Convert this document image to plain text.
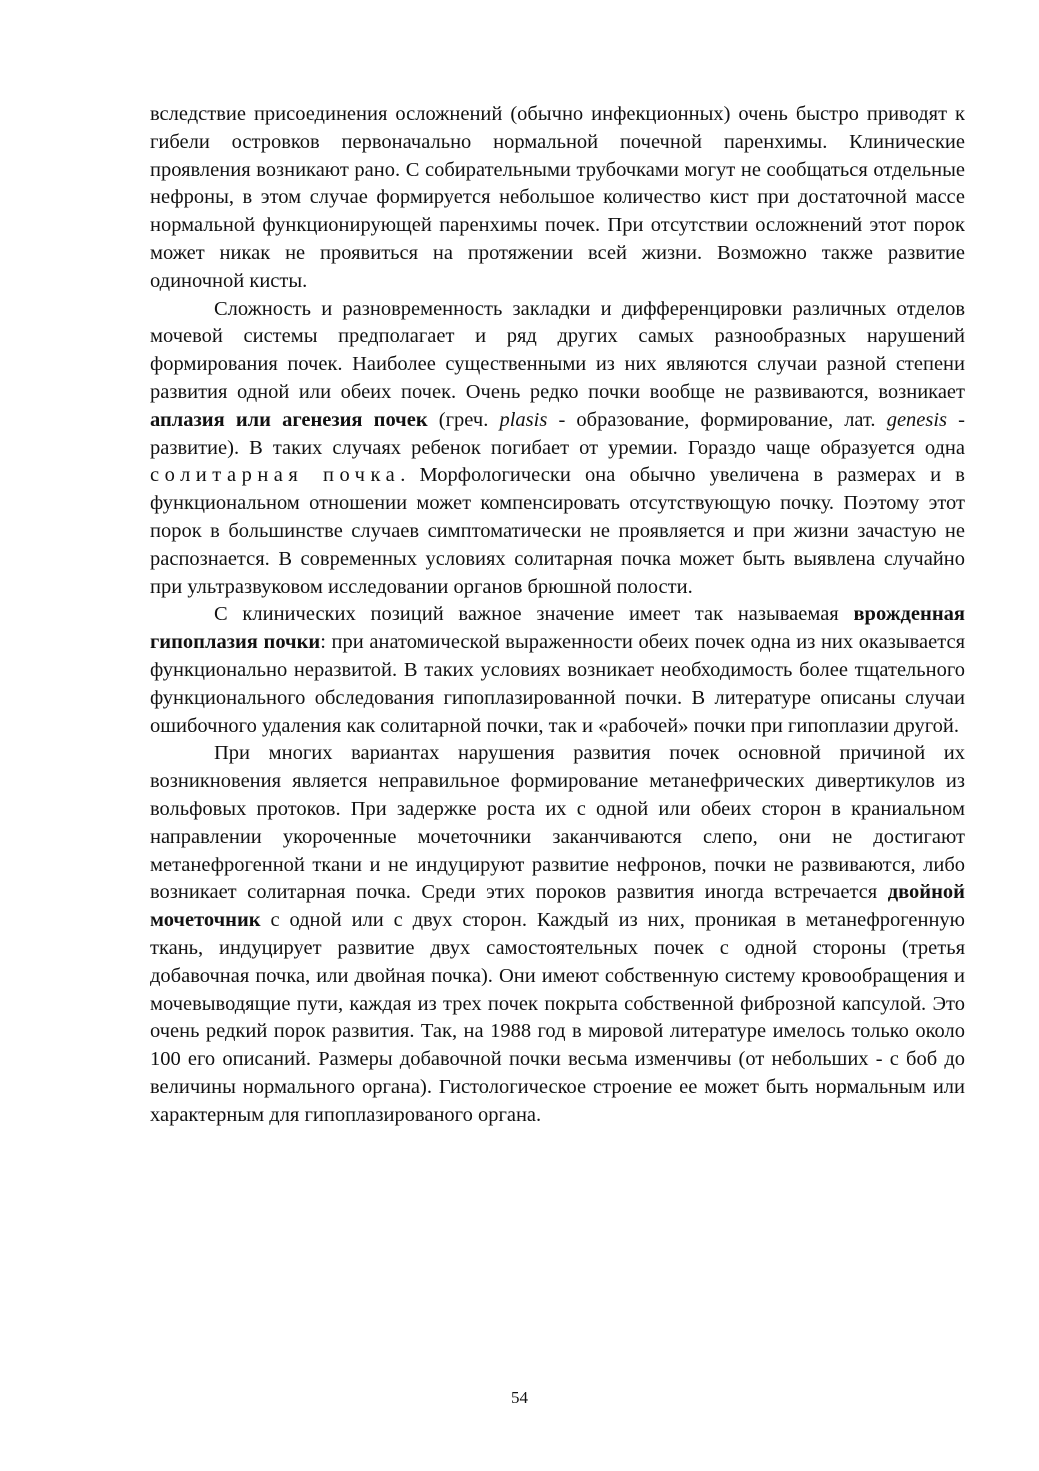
вследствие присоединения осложнений (обычно инфекционных) очень быстро приводят к гибели островков первоначально нормальной почечной паренхимы. Клинические проявления возникают рано. С собирательными трубочками могут не сообщаться отдельные нефроны, в этом случае формируется небольшое количество кист при достаточной массе нормальной функционирующей паренхимы почек. При отсутствии осложнений этот порок может никак не проявиться на протяжении всей жизни. Возможно также развитие одиночной кисты.

Сложность и разновременность закладки и дифференцировки различных отделов мочевой системы предполагает и ряд других самых разнообразных нарушений формирования почек. Наиболее существенными из них являются случаи разной степени развития одной или обеих почек. Очень редко почки вообще не развиваются, возникает аплазия или агенезия почек (греч. plasis - образование, формирование, лат. genesis - развитие). В таких случаях ребенок погибает от уремии. Гораздо чаще образуется одна солитарная почка. Морфологически она обычно увеличена в размерах и в функциональном отношении может компенсировать отсутствующую почку. Поэтому этот порок в большинстве случаев симптоматически не проявляется и при жизни зачастую не распознается. В современных условиях солитарная почка может быть выявлена случайно при ультразвуковом исследовании органов брюшной полости.

С клинических позиций важное значение имеет так называемая врожденная гипоплазия почки: при анатомической выраженности обеих почек одна из них оказывается функционально неразвитой. В таких условиях возникает необходимость более тщательного функционального обследования гипоплазированной почки. В литературе описаны случаи ошибочного удаления как солитарной почки, так и «рабочей» почки при гипоплазии другой.

При многих вариантах нарушения развития почек основной причиной их возникновения является неправильное формирование метанефрических дивертикулов из вольфовых протоков. При задержке роста их с одной или обеих сторон в краниальном направлении укороченные мочеточники заканчиваются слепо, они не достигают метанефрогенной ткани и не индуцируют развитие нефронов, почки не развиваются, либо возникает солитарная почка. Среди этих пороков развития иногда встречается двойной мочеточник с одной или с двух сторон. Каждый из них, проникая в метанефрогенную ткань, индуцирует развитие двух самостоятельных почек с одной стороны (третья добавочная почка, или двойная почка). Они имеют собственную систему кровообращения и мочевыводящие пути, каждая из трех почек покрыта собственной фиброзной капсулой. Это очень редкий порок развития. Так, на 1988 год в мировой литературе имелось только около 100 его описаний. Размеры добавочной почки весьма изменчивы (от небольших - с боб до величины нормального органа). Гистологическое строение ее может быть нормальным или характерным для гипоплазированого органа.

54
